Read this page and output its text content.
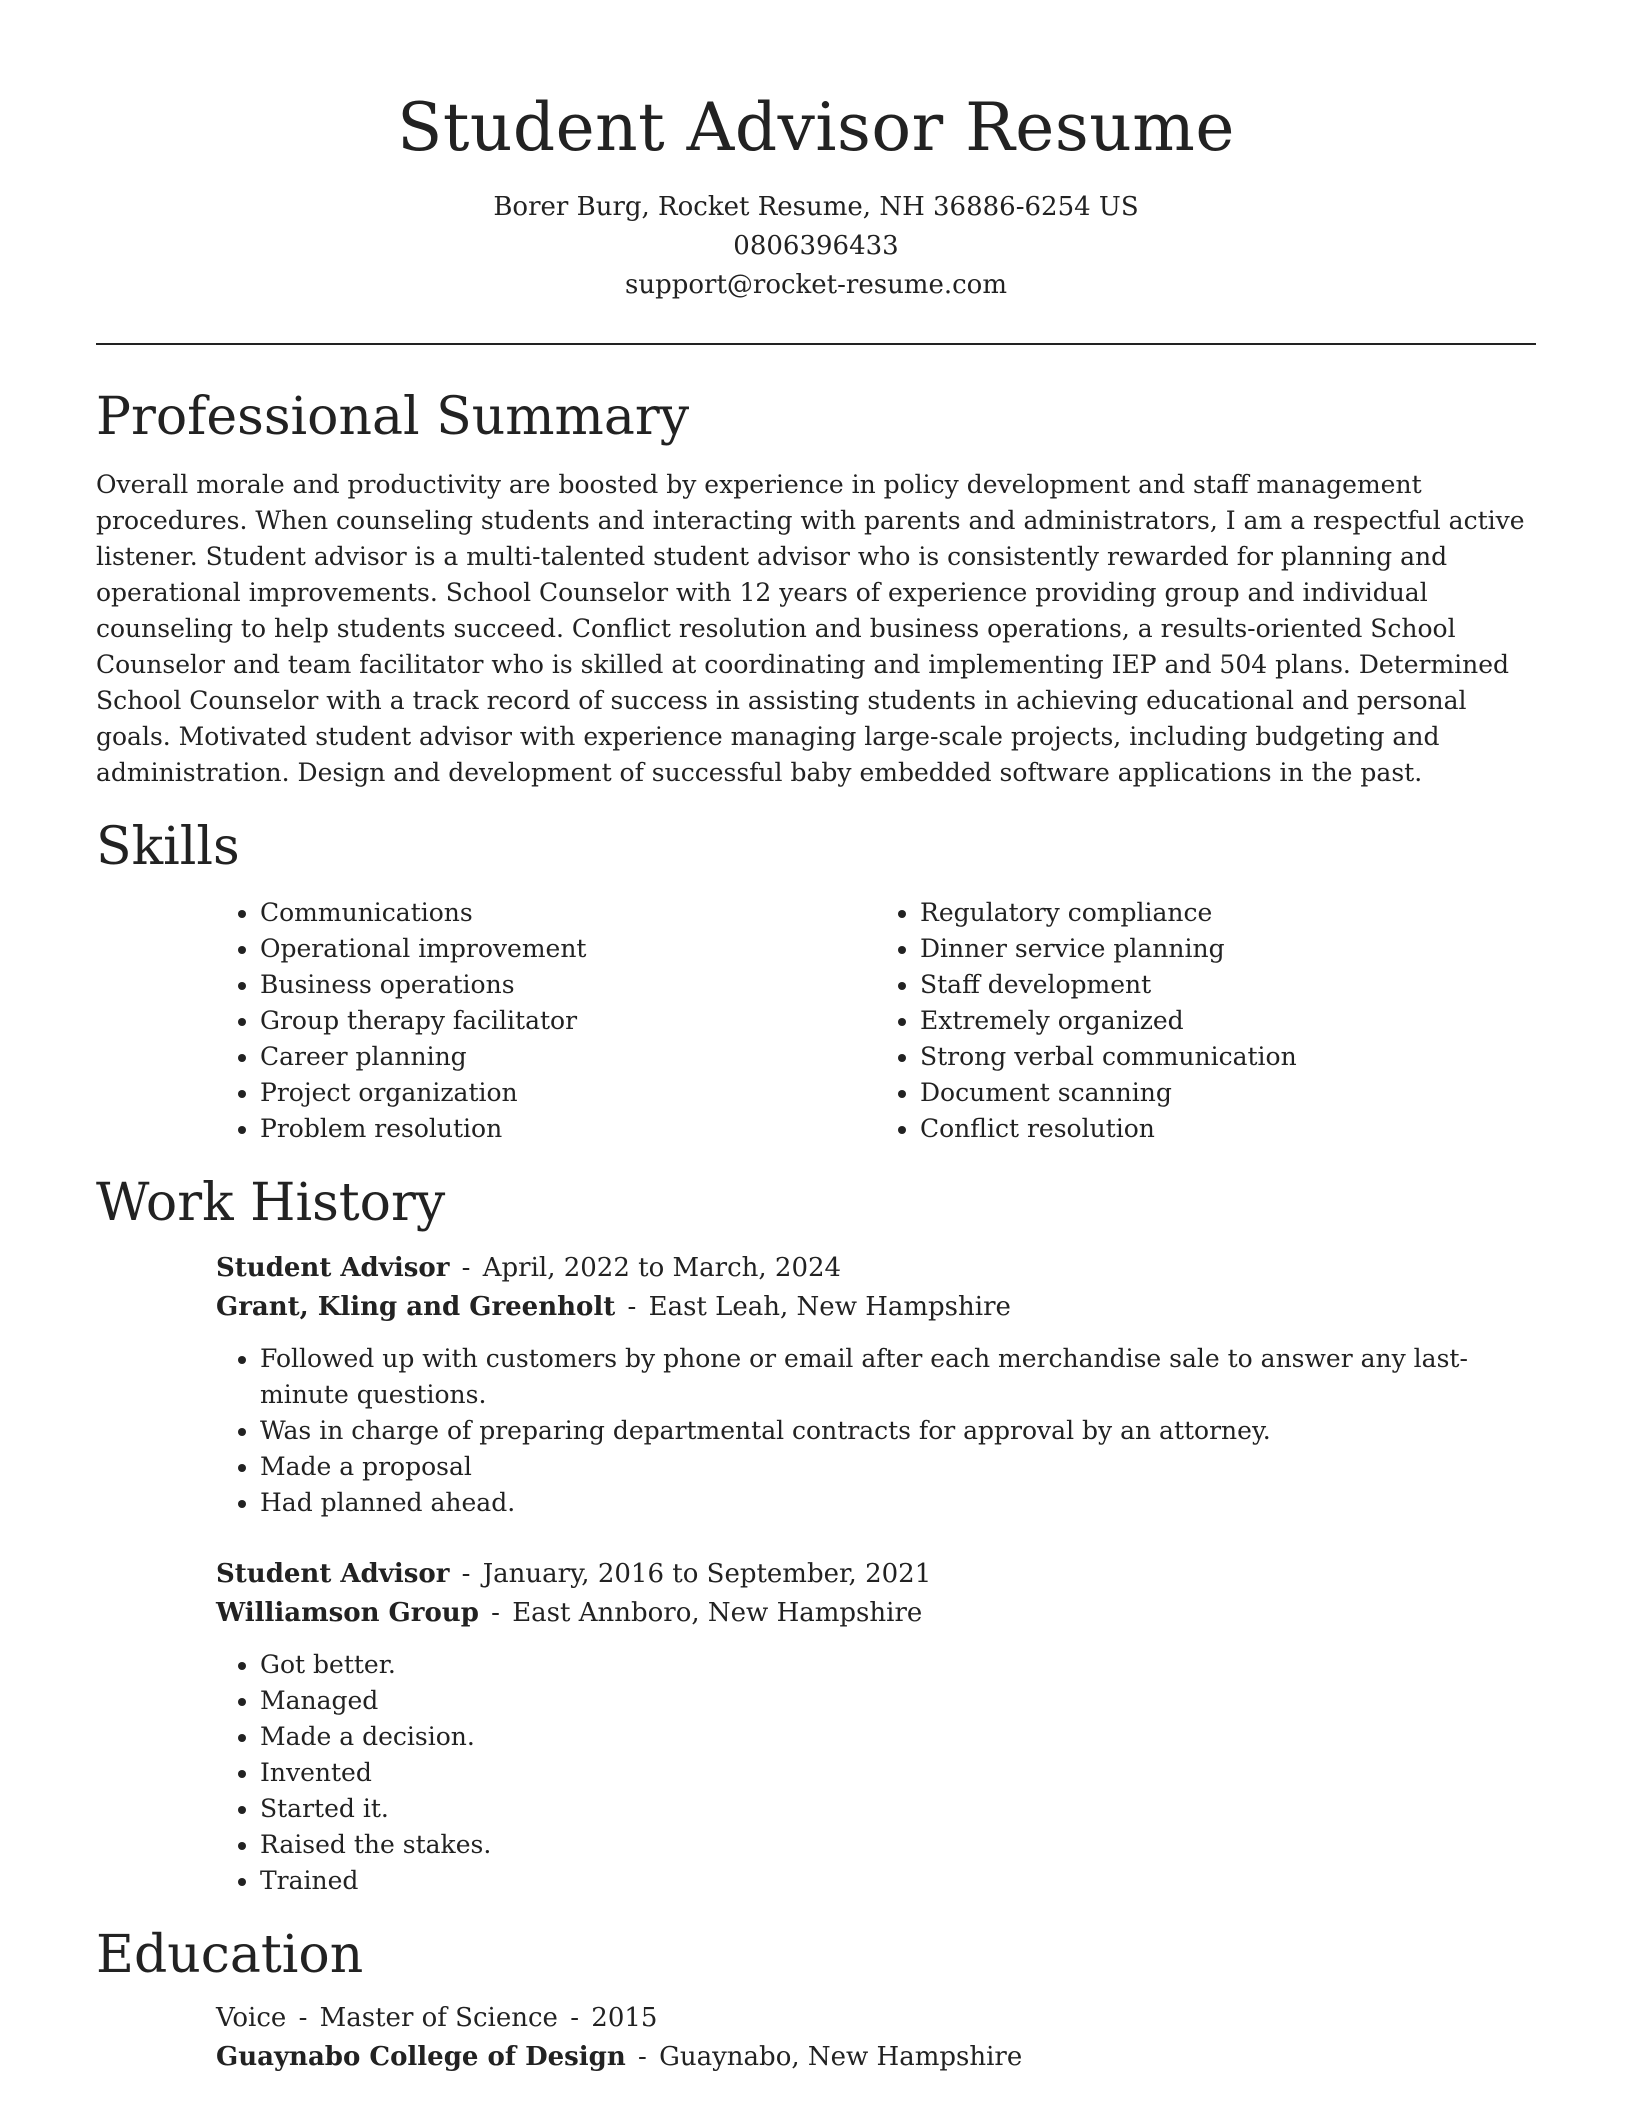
Student Advisor Resume
Borer Burg, Rocket Resume, NH 36886-6254 US
0806396433
support@rocket-resume.com
Professional Summary

Overall morale and productivity are boosted by experience in policy development and staff management procedures. When counseling students and interacting with parents and administrators, I am a respectful active listener. Student advisor is a multi-talented student advisor who is consistently rewarded for planning and operational improvements. School Counselor with 12 years of experience providing group and individual counseling to help students succeed. Conflict resolution and business operations, a results-oriented School Counselor and team facilitator who is skilled at coordinating and implementing IEP and 504 plans. Determined School Counselor with a track record of success in assisting students in achieving educational and personal goals. Motivated student advisor with experience managing large-scale projects, including budgeting and administration. Design and development of successful baby embedded software applications in the past.

Skills
• Communications
• Operational improvement
• Business operations
• Group therapy facilitator
• Career planning
• Project organization
• Problem resolution
• Regulatory compliance
• Dinner service planning
• Staff development
• Extremely organized
• Strong verbal communication
• Document scanning
• Conflict resolution
Work History
Student Advisor - April, 2022 to March, 2024
Grant, Kling and Greenholt - East Leah, New Hampshire
• Followed up with customers by phone or email after each merchandise sale to answer any last-minute questions.
• Was in charge of preparing departmental contracts for approval by an attorney.
• Made a proposal
• Had planned ahead.
Student Advisor - January, 2016 to September, 2021
Williamson Group - East Annboro, New Hampshire
• Got better.
• Managed
• Made a decision.
• Invented
• Started it.
• Raised the stakes.
• Trained
Education
Voice - Master of Science - 2015
Guaynabo College of Design - Guaynabo, New Hampshire
